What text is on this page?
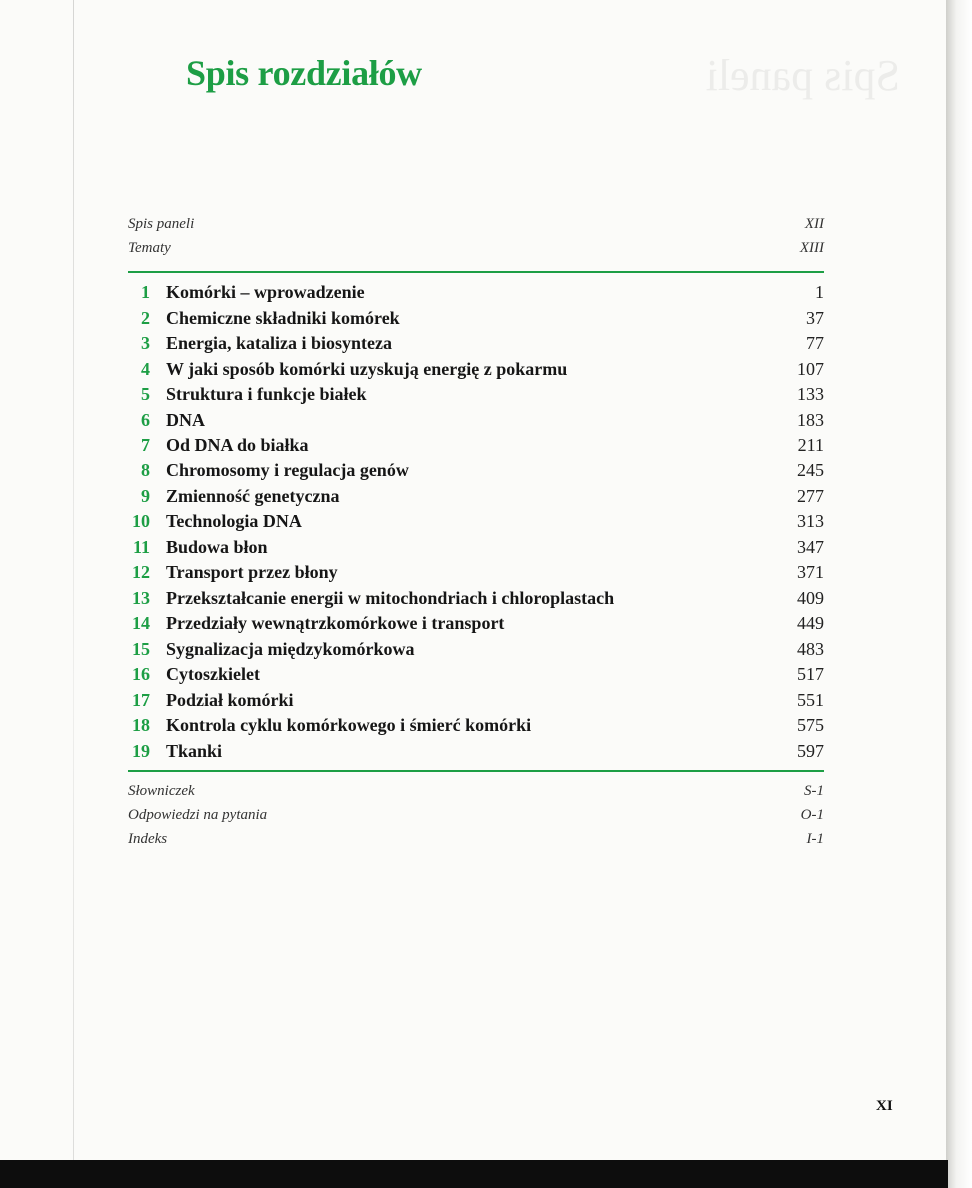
Spis paneli
Spis rozdziałów
Spis paneli	XII
Tematy	XIII
1 Komórki – wprowadzenie	1
2 Chemiczne składniki komórek	37
3 Energia, kataliza i biosynteza	77
4 W jaki sposób komórki uzyskują energię z pokarmu	107
5 Struktura i funkcje białek	133
6 DNA	183
7 Od DNA do białka	211
8 Chromosomy i regulacja genów	245
9 Zmienność genetyczna	277
10 Technologia DNA	313
11 Budowa błon	347
12 Transport przez błony	371
13 Przekształcanie energii w mitochondriach i chloroplastach	409
14 Przedziały wewnątrzkomórkowe i transport	449
15 Sygnalizacja międzykomórkowa	483
16 Cytoszkielet	517
17 Podział komórki	551
18 Kontrola cyklu komórkowego i śmierć komórki	575
19 Tkanki	597
Słowniczek	S-1
Odpowiedzi na pytania	O-1
Indeks	I-1
XI
